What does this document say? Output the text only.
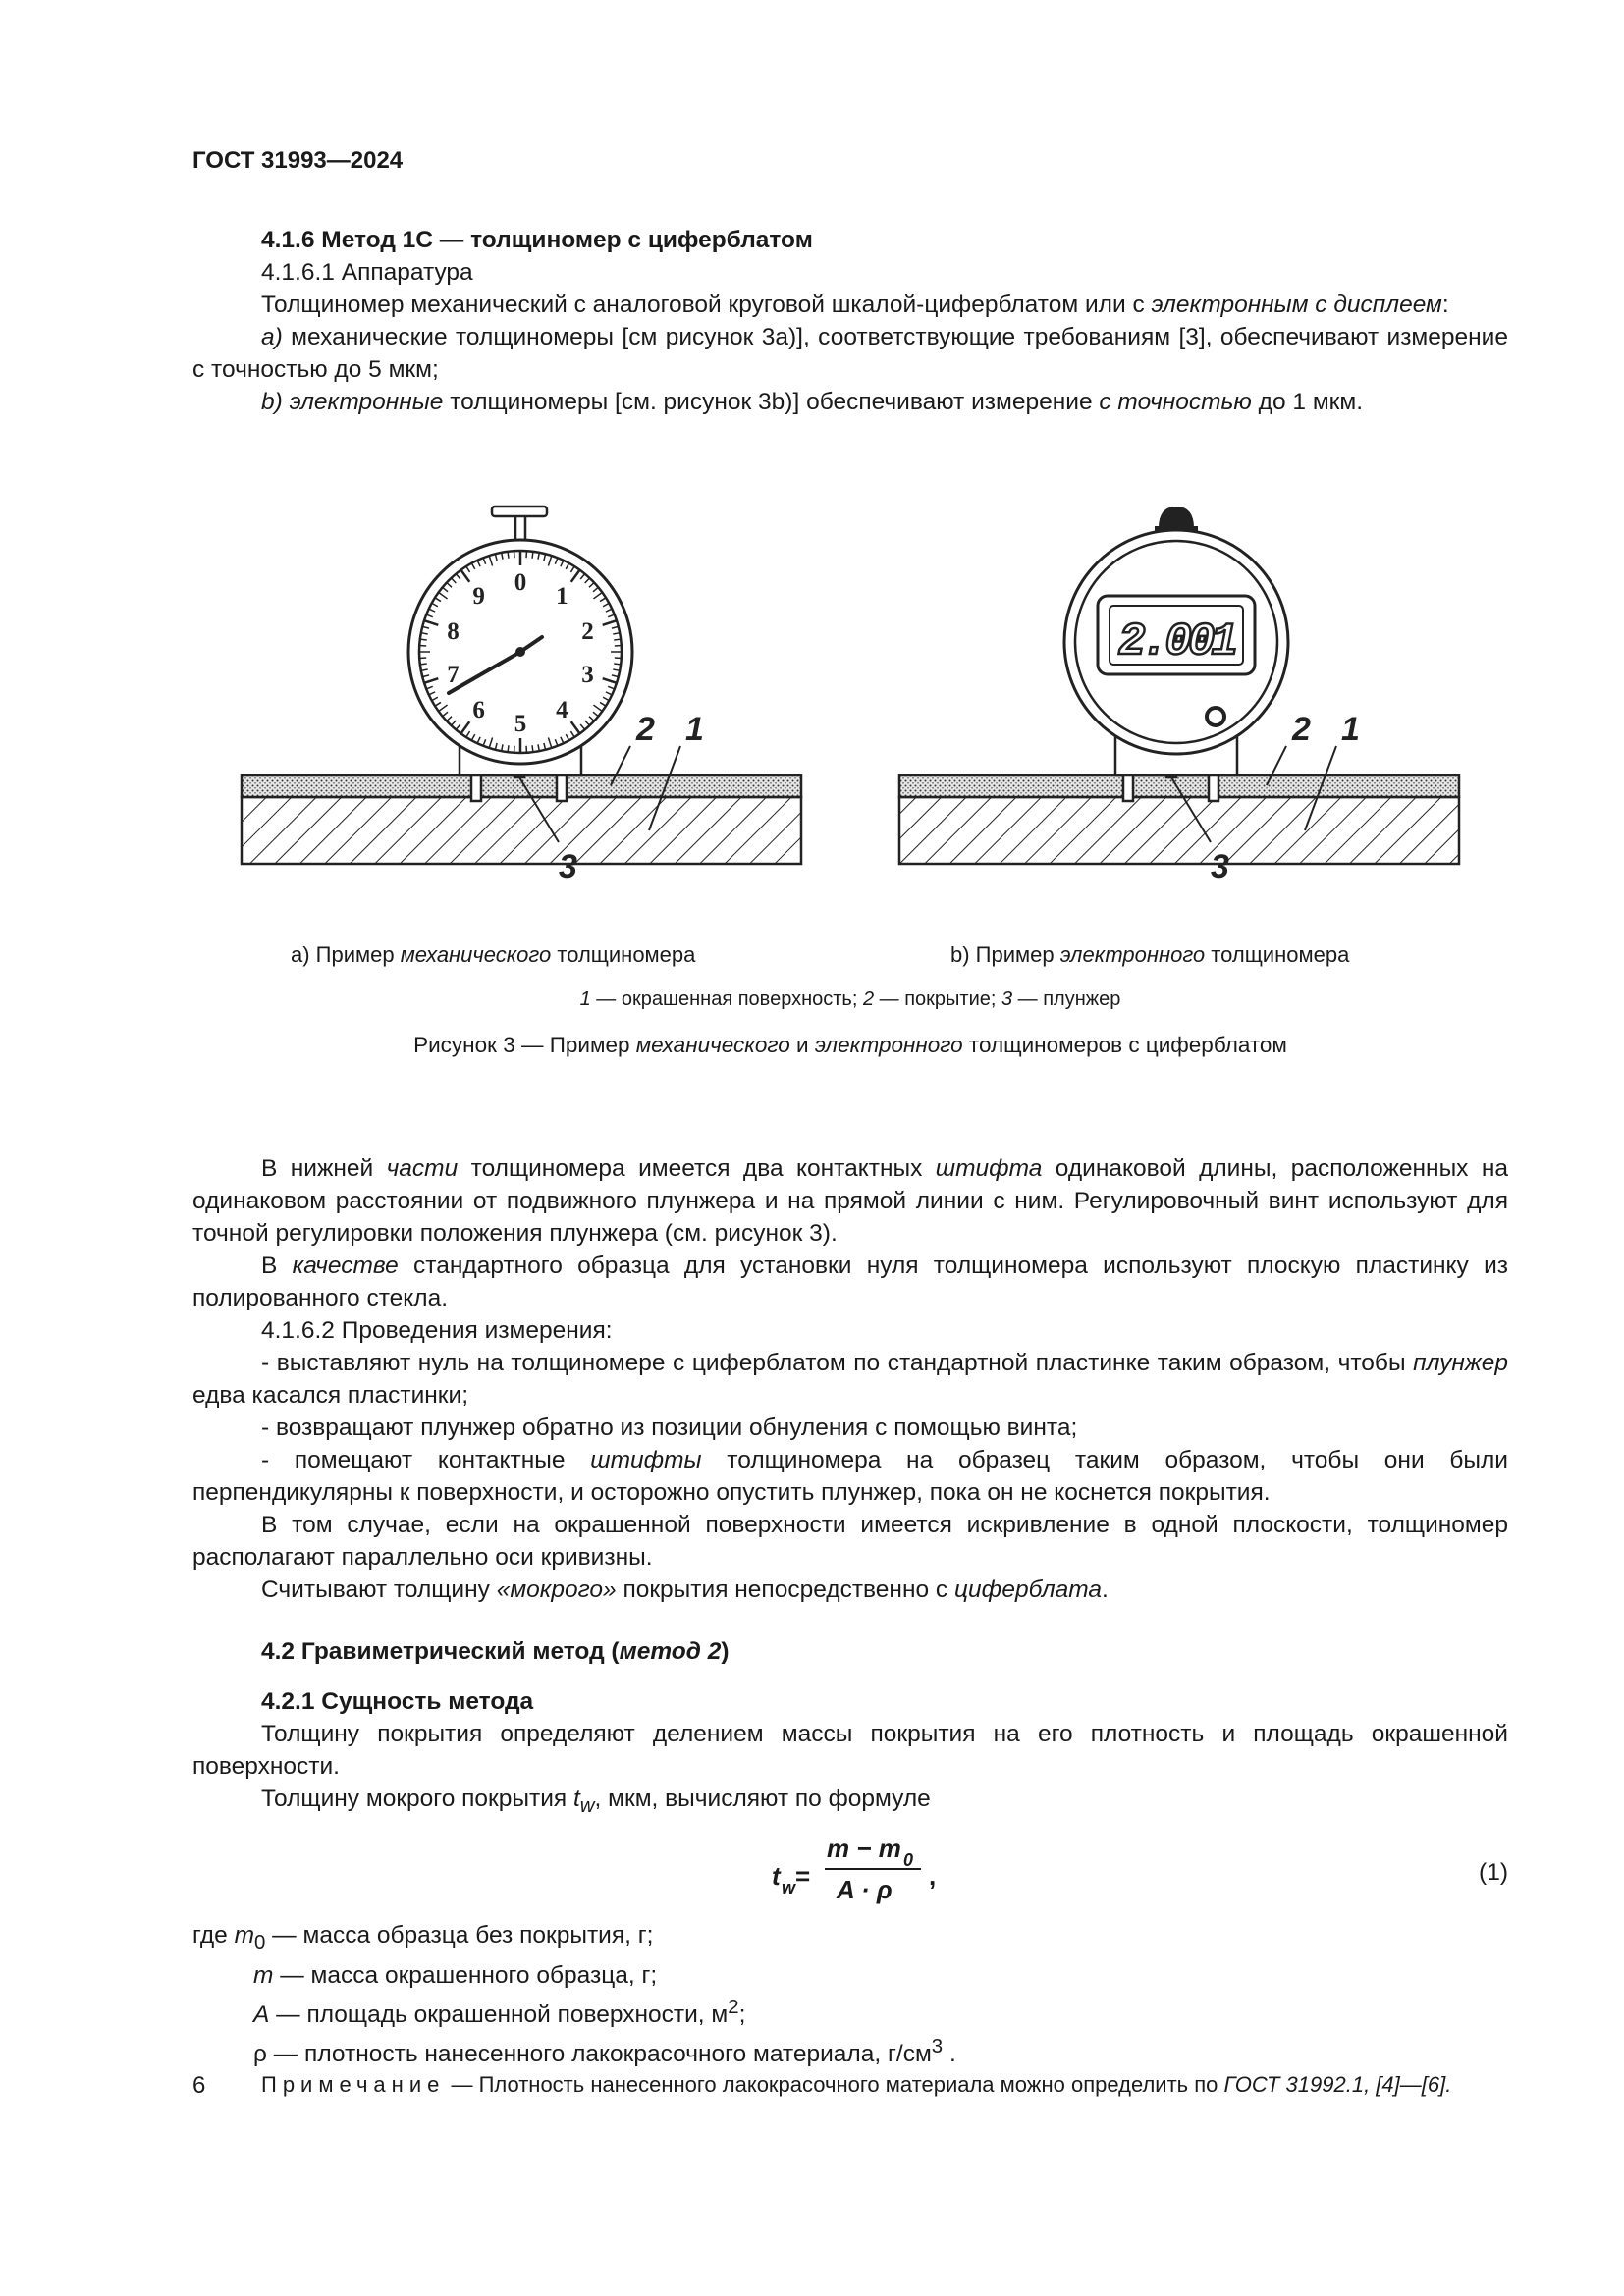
ГОСТ 31993—2024

4.1.6 Метод 1С — толщиномер с циферблатом

4.1.6.1 Аппаратура

Толщиномер механический с аналоговой круговой шкалой-циферблатом или с электронным с дисплеем:

а) механические толщиномеры [см рисунок 3а)], соответствующие требованиям [3], обеспечивают измерение с точностью до 5 мкм;

b) электронные толщиномеры [см. рисунок 3b)] обеспечивают измерение с точностью до 1 мкм.

0
1
2
3
4
5
6
7
8
9
2 1
3
2.001
2 1
3
а) Пример механического толщиномера	b) Пример электронного толщиномера
1 — окрашенная поверхность; 2 — покрытие; 3 — плунжер
Рисунок 3 — Пример механического и электронного толщиномеров с циферблатом

В нижней части толщиномера имеется два контактных штифта одинаковой длины, расположенных на одинаковом расстоянии от подвижного плунжера и на прямой линии с ним. Регулировочный винт используют для точной регулировки положения плунжера (см. рисунок 3).

В качестве стандартного образца для установки нуля толщиномера используют плоскую пластинку из полированного стекла.

4.1.6.2 Проведения измерения:

- выставляют нуль на толщиномере с циферблатом по стандартной пластинке таким образом, чтобы плунжер едва касался пластинки;

- возвращают плунжер обратно из позиции обнуления с помощью винта;

- помещают контактные штифты толщиномера на образец таким образом, чтобы они были перпендикулярны к поверхности, и осторожно опустить плунжер, пока он не коснется покрытия.

В том случае, если на окрашенной поверхности имеется искривление в одной плоскости, толщиномер располагают параллельно оси кривизны.

Считывают толщину «мокрого» покрытия непосредственно с циферблата.

4.2 Гравиметрический метод (метод 2)

4.2.1 Сущность метода

Толщину покрытия определяют делением массы покрытия на его плотность и площадь окрашенной поверхности.

Толщину мокрого покрытия $t_w$, мкм, вычисляют по формуле

t w =
m − m 0
A · ρ ,	(1)

где $m_0$ — масса образца без покрытия, г;

m — масса окрашенного образца, г;

A — площадь окрашенной поверхности, $м^2$;

ρ — плотность нанесенного лакокрасочного материала, $г/см^3$ .

Примечание — Плотность нанесенного лакокрасочного материала можно определить по ГОСТ 31992.1, [4]—[6].

6
